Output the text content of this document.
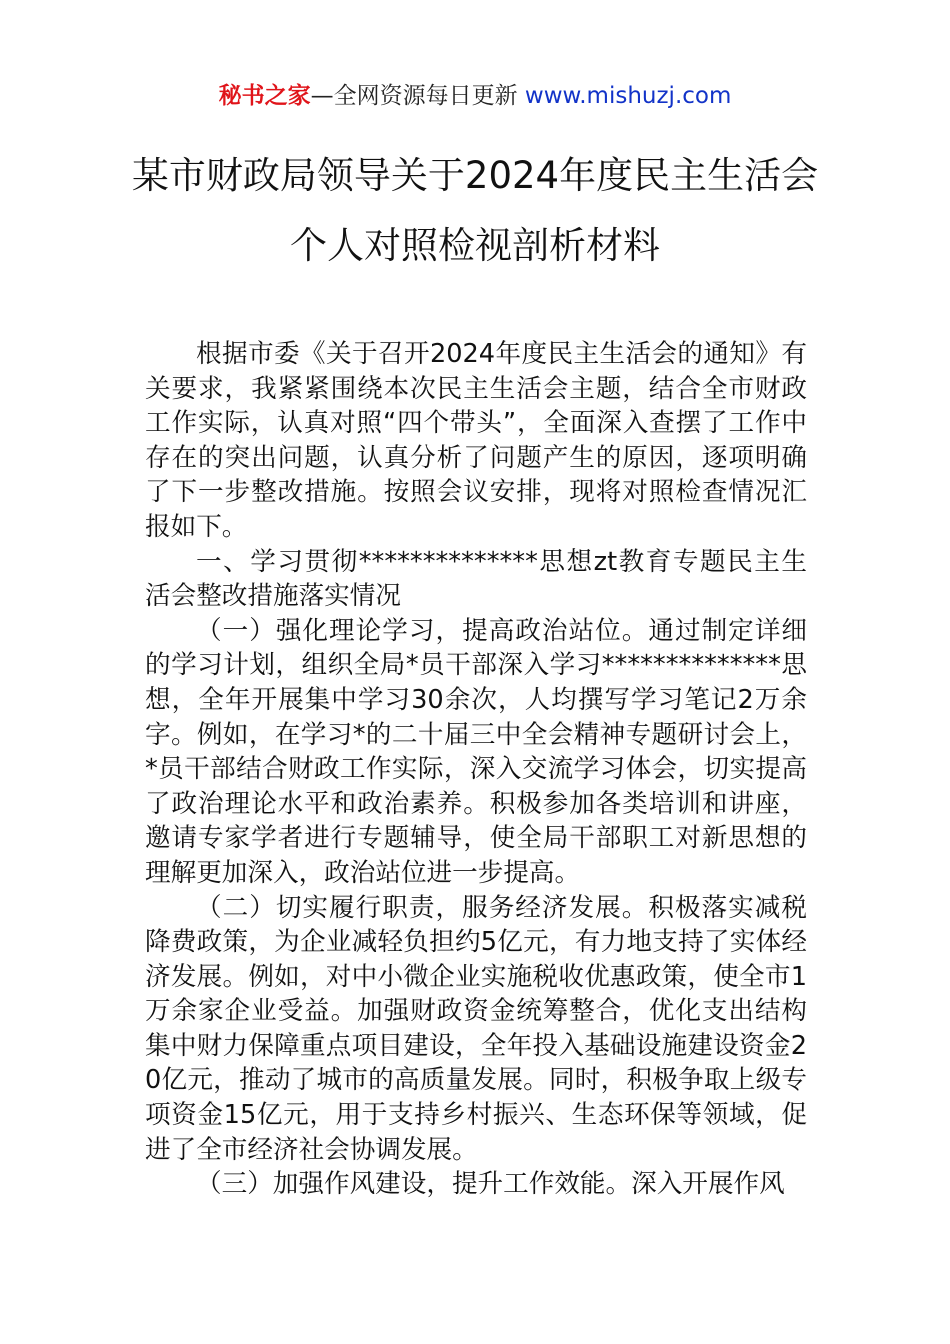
秘书之家—全网资源每日更新 www.mishuzj.com
某市财政局领导关于2024年度民主生活会
个人对照检视剖析材料

根据市委《关于召开2024年度民主生活会的通知》有关要求，我紧紧围绕本次民主生活会主题，结合全市财政工作实际，认真对照“四个带头”，全面深入查摆了工作中存在的突出问题，认真分析了问题产生的原因，逐项明确了下一步整改措施。按照会议安排，现将对照检查情况汇报如下。

一、学习贯彻**************思想zt教育专题民主生活会整改措施落实情况

（一）强化理论学习，提高政治站位。通过制定详细的学习计划，组织全局*员干部深入学习**************思想，全年开展集中学习30余次，人均撰写学习笔记2万余字。例如，在学习*的二十届三中全会精神专题研讨会上，*员干部结合财政工作实际，深入交流学习体会，切实提高了政治理论水平和政治素养。积极参加各类培训和讲座，邀请专家学者进行专题辅导，使全局干部职工对新思想的理解更加深入，政治站位进一步提高。

（二）切实履行职责，服务经济发展。积极落实减税降费政策，为企业减轻负担约5亿元，有力地支持了实体经济发展。例如，对中小微企业实施税收优惠政策，使全市1万余家企业受益。加强财政资金统筹整合，优化支出结构集中财力保障重点项目建设，全年投入基础设施建设资金20亿元，推动了城市的高质量发展。同时，积极争取上级专项资金15亿元，用于支持乡村振兴、生态环保等领域，促进了全市经济社会协调发展。

（三）加强作风建设，提升工作效能。深入开展作风
